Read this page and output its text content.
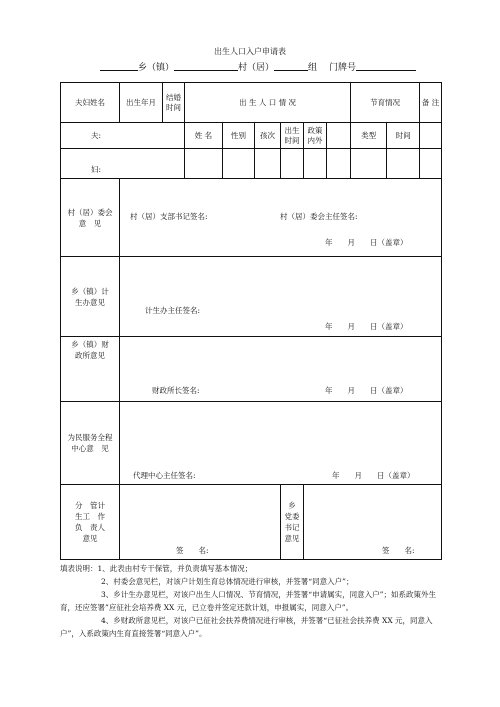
出生人口入户申请表
乡（镇）	村（居）	组 门牌号
夫妇姓名	出生年月	结婚时间	出 生 人 口 情 况						节育情况		备 注
夫:			姓 名	性别	孩次	出生时间	政策内外		类型	时间	
妇:											

村（居）委会意　见	村（居）支部书记签名: 村（居）委会主任签名:
年　　月　　日（盖章）										

乡（镇）计　生办意见	计生办主任签名:
年　　月　　日（盖章）										

乡（镇）财　政所意见	财政所长签名: 年　　月　　日（盖章）										

为民服务全程中心意　见	代理中心主任签名: 年　　月　　日（盖章）										

分　管计　生工　作负　责人意见	签　　名:					乡　党委　书记意见	签　　名:				

填表说明：1、此表由村专干保管，并负责填写基本情况；

2、村委会意见栏，对该户计划生育总体情况进行审核，并签署“同意入户”；

3、乡计生办意见栏，对该户出生人口情况、节育情况，并签署“申请属实，同意入户”；如系政策外生育，还应签署”应征社会培养费 XX 元，已立卷并签定还款计划，申报属实，同意入户”。

4、乡财政所意见栏，对该户已征社会扶养费情况进行审核，并签署“已征社会扶养费 XX 元，同意入户”，入系政策内生育直接签署“同意入户”。
